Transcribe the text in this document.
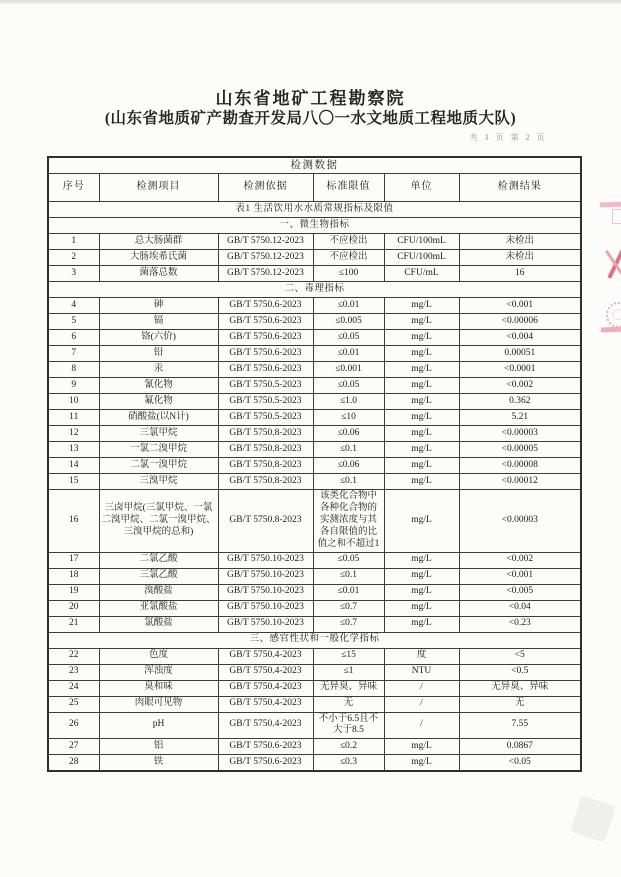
山东省地矿工程勘察院
(山东省地质矿产勘查开发局八〇一水文地质工程地质大队)
共 3 页 第 2 页
检测数据					
序号	检测项目	检测依据	标准限值	单位	检测结果
表1 生活饮用水水质常规指标及限值					
一、微生物指标					
1	总大肠菌群	GB/T 5750.12-2023	不应检出	CFU/100mL	未检出
2	大肠埃希氏菌	GB/T 5750.12-2023	不应检出	CFU/100mL	未检出
3	菌落总数	GB/T 5750.12-2023	≤100	CFU/mL	16
二、毒理指标					
4	砷	GB/T 5750.6-2023	≤0.01	mg/L	<0.001
5	镉	GB/T 5750.6-2023	≤0.005	mg/L	<0.00006
6	铬(六价)	GB/T 5750.6-2023	≤0.05	mg/L	<0.004
7	铅	GB/T 5750.6-2023	≤0.01	mg/L	0.00051
8	汞	GB/T 5750.6-2023	≤0.001	mg/L	<0.0001
9	氰化物	GB/T 5750.5-2023	≤0.05	mg/L	<0.002
10	氟化物	GB/T 5750.5-2023	≤1.0	mg/L	0.362
11	硝酸盐(以N计)	GB/T 5750.5-2023	≤10	mg/L	5.21
12	三氯甲烷	GB/T 5750.8-2023	≤0.06	mg/L	<0.00003
13	一氯二溴甲烷	GB/T 5750.8-2023	≤0.1	mg/L	<0.00005
14	二氯一溴甲烷	GB/T 5750.8-2023	≤0.06	mg/L	<0.00008
15	三溴甲烷	GB/T 5750.8-2023	≤0.1	mg/L	<0.00012
16	三卤甲烷(三氯甲烷、一氯二溴甲烷、二氯一溴甲烷、三溴甲烷的总和)	GB/T 5750.8-2023	该类化合物中各种化合物的实测浓度与其各自限值的比值之和不超过1	mg/L	<0.00003
17	二氯乙酸	GB/T 5750.10-2023	≤0.05	mg/L	<0.002
18	三氯乙酸	GB/T 5750.10-2023	≤0.1	mg/L	<0.001
19	溴酸盐	GB/T 5750.10-2023	≤0.01	mg/L	<0.005
20	亚氯酸盐	GB/T 5750.10-2023	≤0.7	mg/L	<0.04
21	氯酸盐	GB/T 5750.10-2023	≤0.7	mg/L	<0.23
三、感官性状和一般化学指标					
22	色度	GB/T 5750.4-2023	≤15	度	<5
23	浑浊度	GB/T 5750.4-2023	≤1	NTU	<0.5
24	臭和味	GB/T 5750.4-2023	无异臭、异味	/	无异臭、异味
25	肉眼可见物	GB/T 5750.4-2023	无	/	无
26	pH	GB/T 5750.4-2023	不小于6.5且不大于8.5	/	7.55
27	铝	GB/T 5750.6-2023	≤0.2	mg/L	0.0867
28	铁	GB/T 5750.6-2023	≤0.3	mg/L	<0.05
